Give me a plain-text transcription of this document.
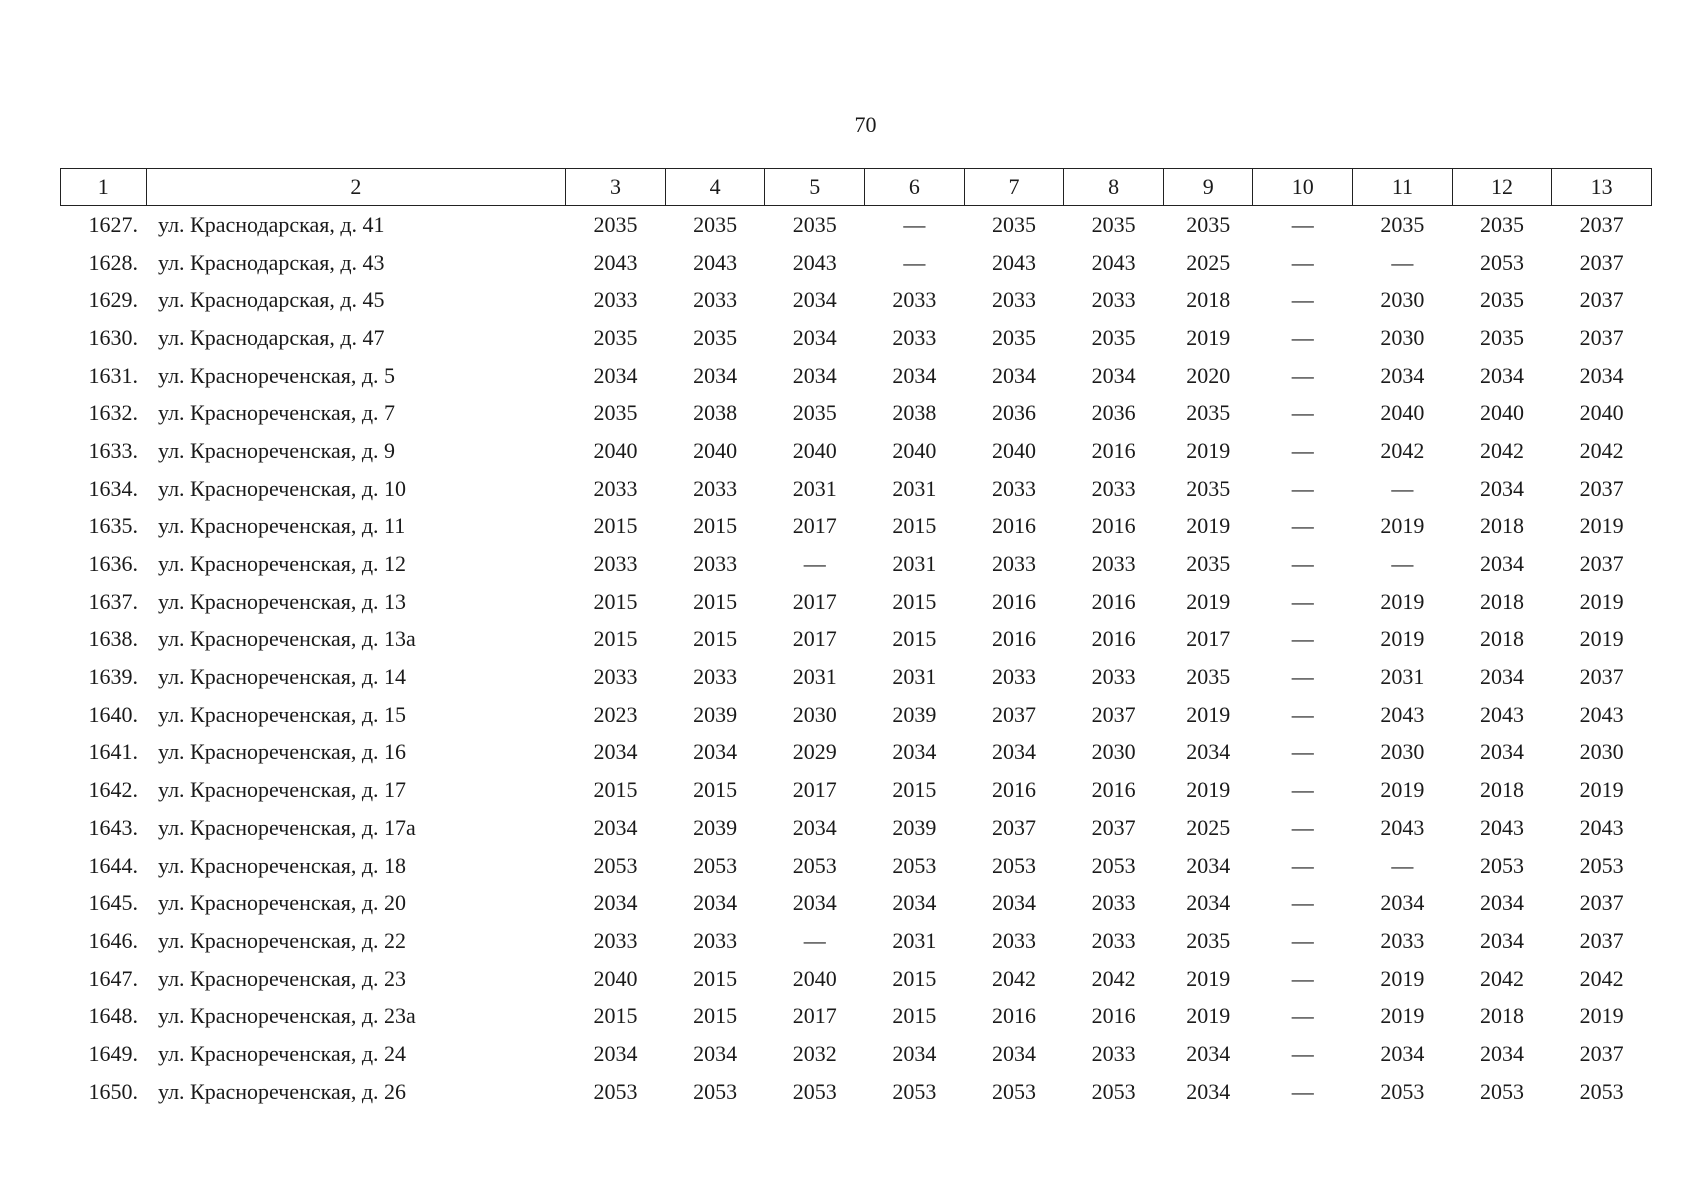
70
1	2	3	4	5	6	7	8	9	10	11	12	13
1627.	ул. Краснодарская, д. 41	2035	2035	2035	—	2035	2035	2035	—	2035	2035	2037
1628.	ул. Краснодарская, д. 43	2043	2043	2043	—	2043	2043	2025	—	—	2053	2037
1629.	ул. Краснодарская, д. 45	2033	2033	2034	2033	2033	2033	2018	—	2030	2035	2037
1630.	ул. Краснодарская, д. 47	2035	2035	2034	2033	2035	2035	2019	—	2030	2035	2037
1631.	ул. Краснореченская, д. 5	2034	2034	2034	2034	2034	2034	2020	—	2034	2034	2034
1632.	ул. Краснореченская, д. 7	2035	2038	2035	2038	2036	2036	2035	—	2040	2040	2040
1633.	ул. Краснореченская, д. 9	2040	2040	2040	2040	2040	2016	2019	—	2042	2042	2042
1634.	ул. Краснореченская, д. 10	2033	2033	2031	2031	2033	2033	2035	—	—	2034	2037
1635.	ул. Краснореченская, д. 11	2015	2015	2017	2015	2016	2016	2019	—	2019	2018	2019
1636.	ул. Краснореченская, д. 12	2033	2033	—	2031	2033	2033	2035	—	—	2034	2037
1637.	ул. Краснореченская, д. 13	2015	2015	2017	2015	2016	2016	2019	—	2019	2018	2019
1638.	ул. Краснореченская, д. 13а	2015	2015	2017	2015	2016	2016	2017	—	2019	2018	2019
1639.	ул. Краснореченская, д. 14	2033	2033	2031	2031	2033	2033	2035	—	2031	2034	2037
1640.	ул. Краснореченская, д. 15	2023	2039	2030	2039	2037	2037	2019	—	2043	2043	2043
1641.	ул. Краснореченская, д. 16	2034	2034	2029	2034	2034	2030	2034	—	2030	2034	2030
1642.	ул. Краснореченская, д. 17	2015	2015	2017	2015	2016	2016	2019	—	2019	2018	2019
1643.	ул. Краснореченская, д. 17а	2034	2039	2034	2039	2037	2037	2025	—	2043	2043	2043
1644.	ул. Краснореченская, д. 18	2053	2053	2053	2053	2053	2053	2034	—	—	2053	2053
1645.	ул. Краснореченская, д. 20	2034	2034	2034	2034	2034	2033	2034	—	2034	2034	2037
1646.	ул. Краснореченская, д. 22	2033	2033	—	2031	2033	2033	2035	—	2033	2034	2037
1647.	ул. Краснореченская, д. 23	2040	2015	2040	2015	2042	2042	2019	—	2019	2042	2042
1648.	ул. Краснореченская, д. 23а	2015	2015	2017	2015	2016	2016	2019	—	2019	2018	2019
1649.	ул. Краснореченская, д. 24	2034	2034	2032	2034	2034	2033	2034	—	2034	2034	2037
1650.	ул. Краснореченская, д. 26	2053	2053	2053	2053	2053	2053	2034	—	2053	2053	2053
